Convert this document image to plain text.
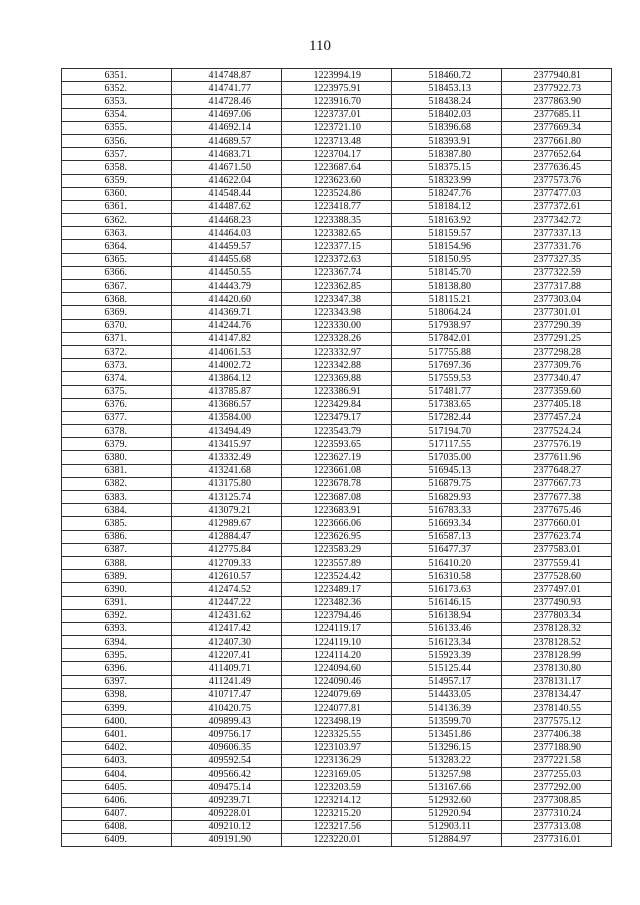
110
6351.	414748.87	1223994.19	518460.72	2377940.81
6352.	414741.77	1223975.91	518453.13	2377922.73
6353.	414728.46	1223916.70	518438.24	2377863.90
6354.	414697.06	1223737.01	518402.03	2377685.11
6355.	414692.14	1223721.10	518396.68	2377669.34
6356.	414689.57	1223713.48	518393.91	2377661.80
6357.	414683.71	1223704.17	518387.80	2377652.64
6358.	414671.50	1223687.64	518375.15	2377636.45
6359.	414622.04	1223623.60	518323.99	2377573.76
6360.	414548.44	1223524.86	518247.76	2377477.03
6361.	414487.62	1223418.77	518184.12	2377372.61
6362.	414468.23	1223388.35	518163.92	2377342.72
6363.	414464.03	1223382.65	518159.57	2377337.13
6364.	414459.57	1223377.15	518154.96	2377331.76
6365.	414455.68	1223372.63	518150.95	2377327.35
6366.	414450.55	1223367.74	518145.70	2377322.59
6367.	414443.79	1223362.85	518138.80	2377317.88
6368.	414420.60	1223347.38	518115.21	2377303.04
6369.	414369.71	1223343.98	518064.24	2377301.01
6370.	414244.76	1223330.00	517938.97	2377290.39
6371.	414147.82	1223328.26	517842.01	2377291.25
6372.	414061.53	1223332.97	517755.88	2377298.28
6373.	414002.72	1223342.88	517697.36	2377309.76
6374.	413864.12	1223369.88	517559.53	2377340.47
6375.	413785.87	1223386.91	517481.77	2377359.60
6376.	413686.57	1223429.84	517383.65	2377405.18
6377.	413584.00	1223479.17	517282.44	2377457.24
6378.	413494.49	1223543.79	517194.70	2377524.24
6379.	413415.97	1223593.65	517117.55	2377576.19
6380.	413332.49	1223627.19	517035.00	2377611.96
6381.	413241.68	1223661.08	516945.13	2377648.27
6382.	413175.80	1223678.78	516879.75	2377667.73
6383.	413125.74	1223687.08	516829.93	2377677.38
6384.	413079.21	1223683.91	516783.33	2377675.46
6385.	412989.67	1223666.06	516693.34	2377660.01
6386.	412884.47	1223626.95	516587.13	2377623.74
6387.	412775.84	1223583.29	516477.37	2377583.01
6388.	412709.33	1223557.89	516410.20	2377559.41
6389.	412610.57	1223524.42	516310.58	2377528.60
6390.	412474.52	1223489.17	516173.63	2377497.01
6391.	412447.22	1223482.36	516146.15	2377490.93
6392.	412431.62	1223794.46	516138.94	2377803.34
6393.	412417.42	1224119.17	516133.46	2378128.32
6394.	412407.30	1224119.10	516123.34	2378128.52
6395.	412207.41	1224114.20	515923.39	2378128.99
6396.	411409.71	1224094.60	515125.44	2378130.80
6397.	411241.49	1224090.46	514957.17	2378131.17
6398.	410717.47	1224079.69	514433.05	2378134.47
6399.	410420.75	1224077.81	514136.39	2378140.55
6400.	409899.43	1223498.19	513599.70	2377575.12
6401.	409756.17	1223325.55	513451.86	2377406.38
6402.	409606.35	1223103.97	513296.15	2377188.90
6403.	409592.54	1223136.29	513283.22	2377221.58
6404.	409566.42	1223169.05	513257.98	2377255.03
6405.	409475.14	1223203.59	513167.66	2377292.00
6406.	409239.71	1223214.12	512932.60	2377308.85
6407.	409228.01	1223215.20	512920.94	2377310.24
6408.	409210.12	1223217.56	512903.11	2377313.08
6409.	409191.90	1223220.01	512884.97	2377316.01
